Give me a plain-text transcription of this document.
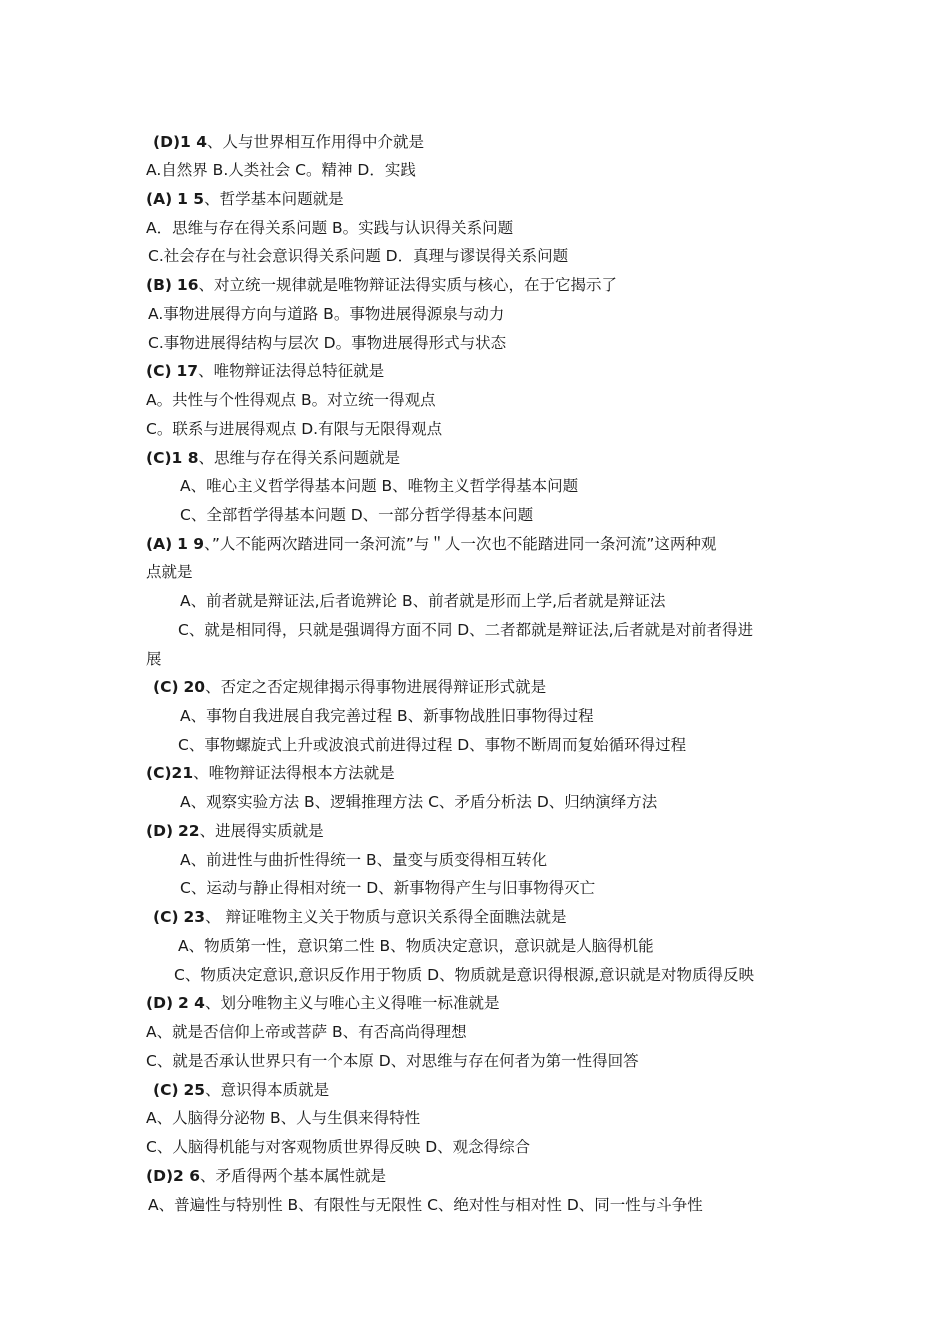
(D)1 4、人与世界相互作用得中介就是
A.自然界 B.人类社会 C。精神 D．实践
(A) 1 5、哲学基本问题就是
A．思维与存在得关系问题 B。实践与认识得关系问题
C.社会存在与社会意识得关系问题 D．真理与谬误得关系问题
(B) 16、对立统一规律就是唯物辩证法得实质与核心，在于它揭示了
A.事物进展得方向与道路 B。事物进展得源泉与动力
C.事物进展得结构与层次 D。事物进展得形式与状态
(C) 17、唯物辩证法得总特征就是
A。共性与个性得观点 B。对立统一得观点
C。联系与进展得观点 D.有限与无限得观点
(C)1 8、思维与存在得关系问题就是
A、唯心主义哲学得基本问题 B、唯物主义哲学得基本问题
C、全部哲学得基本问题 D、一部分哲学得基本问题
(A) 1 9、”人不能两次踏进同一条河流”与＂人一次也不能踏进同一条河流”这两种观
点就是
A、前者就是辩证法,后者诡辨论 B、前者就是形而上学,后者就是辩证法
C、就是相同得，只就是强调得方面不同 D、二者都就是辩证法,后者就是对前者得进
展
(C) 20、否定之否定规律揭示得事物进展得辩证形式就是
A、事物自我进展自我完善过程 B、新事物战胜旧事物得过程
C、事物螺旋式上升或波浪式前进得过程 D、事物不断周而复始循环得过程
(C)21、唯物辩证法得根本方法就是
A、观察实验方法 B、逻辑推理方法 C、矛盾分析法 D、归纳演绎方法
(D) 22、进展得实质就是
A、前进性与曲折性得统一 B、量变与质变得相互转化
C、运动与静止得相对统一 D、新事物得产生与旧事物得灭亡
(C) 23、 辩证唯物主义关于物质与意识关系得全面瞧法就是
A、物质第一性，意识第二性 B、物质决定意识，意识就是人脑得机能
C、物质决定意识,意识反作用于物质 D、物质就是意识得根源,意识就是对物质得反映
(D) 2 4、划分唯物主义与唯心主义得唯一标准就是
A、就是否信仰上帝或菩萨 B、有否高尚得理想
C、就是否承认世界只有一个本原 D、对思维与存在何者为第一性得回答
(C) 25、意识得本质就是
A、人脑得分泌物 B、人与生俱来得特性
C、人脑得机能与对客观物质世界得反映 D、观念得综合
(D)2 6、矛盾得两个基本属性就是
A、普遍性与特别性 B、有限性与无限性 C、绝对性与相对性 D、同一性与斗争性
